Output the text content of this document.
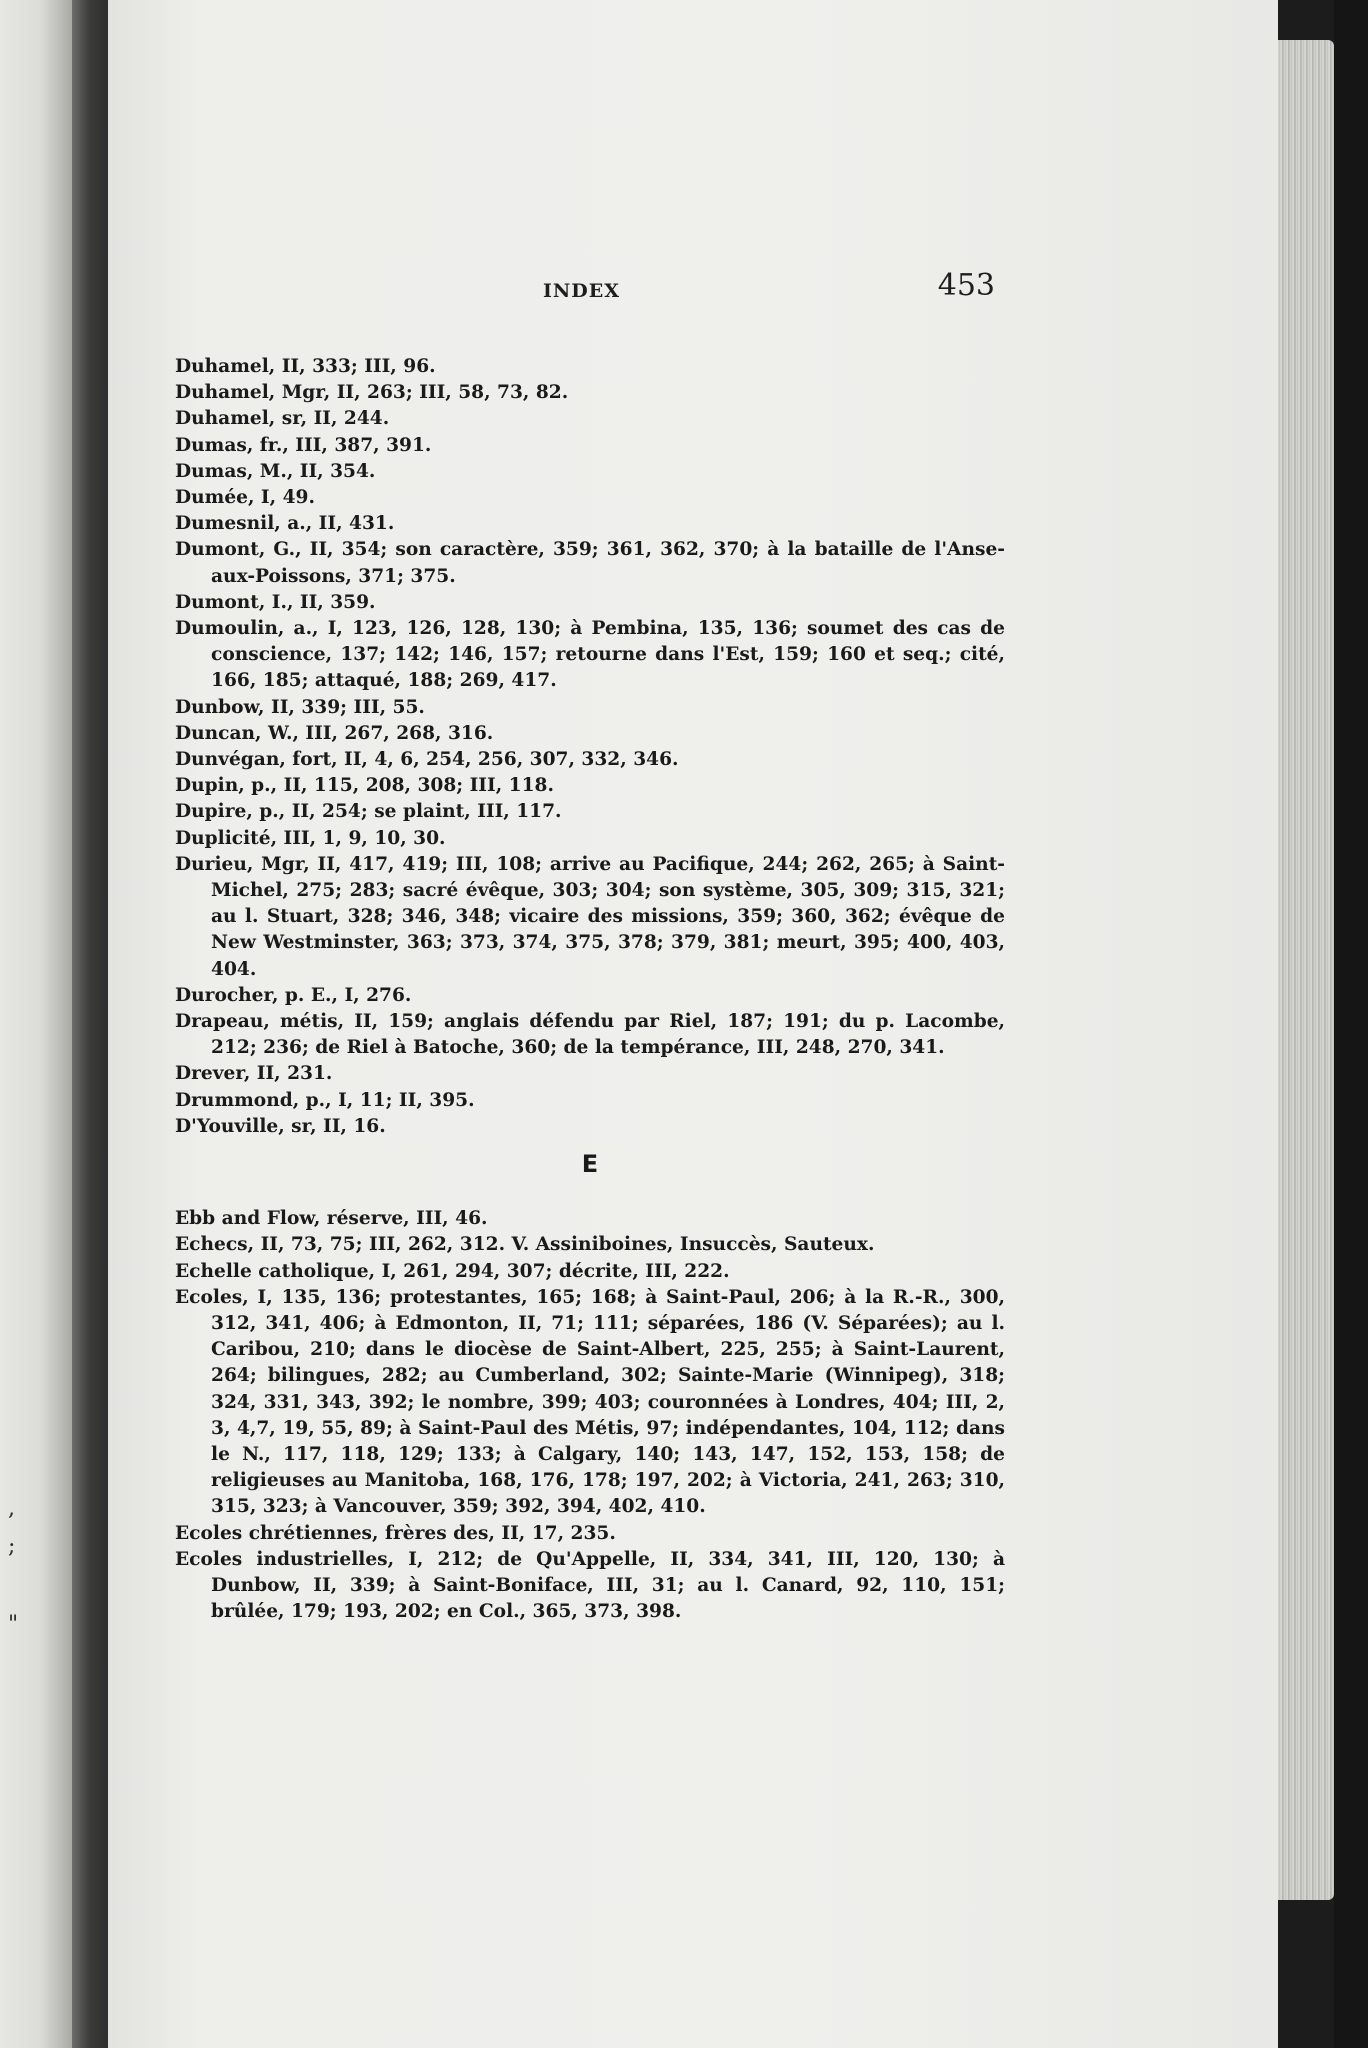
,
;
"
INDEX	453

Duhamel, II, 333; III, 96.

Duhamel, Mgr, II, 263; III, 58, 73, 82.

Duhamel, sr, II, 244.

Dumas, fr., III, 387, 391.

Dumas, M., II, 354.

Dumée, I, 49.

Dumesnil, a., II, 431.

Dumont, G., II, 354; son caractère, 359; 361, 362, 370; à la bataille de l'Anse-aux-Poissons, 371; 375.

Dumont, I., II, 359.

Dumoulin, a., I, 123, 126, 128, 130; à Pembina, 135, 136; soumet des cas de conscience, 137; 142; 146, 157; retourne dans l'Est, 159; 160 et seq.; cité, 166, 185; attaqué, 188; 269, 417.

Dunbow, II, 339; III, 55.

Duncan, W., III, 267, 268, 316.

Dunvégan, fort, II, 4, 6, 254, 256, 307, 332, 346.

Dupin, p., II, 115, 208, 308; III, 118.

Dupire, p., II, 254; se plaint, III, 117.

Duplicité, III, 1, 9, 10, 30.

Durieu, Mgr, II, 417, 419; III, 108; arrive au Pacifique, 244; 262, 265; à Saint-Michel, 275; 283; sacré évêque, 303; 304; son système, 305, 309; 315, 321; au l. Stuart, 328; 346, 348; vicaire des missions, 359; 360, 362; évêque de New Westminster, 363; 373, 374, 375, 378; 379, 381; meurt, 395; 400, 403, 404.

Durocher, p. E., I, 276.

Drapeau, métis, II, 159; anglais défendu par Riel, 187; 191; du p. Lacombe, 212; 236; de Riel à Batoche, 360; de la tempérance, III, 248, 270, 341.

Drever, II, 231.

Drummond, p., I, 11; II, 395.

D'Youville, sr, II, 16.

E

Ebb and Flow, réserve, III, 46.

Echecs, II, 73, 75; III, 262, 312. V. Assiniboines, Insuccès, Sauteux.

Echelle catholique, I, 261, 294, 307; décrite, III, 222.

Ecoles, I, 135, 136; protestantes, 165; 168; à Saint-Paul, 206; à la R.-R., 300, 312, 341, 406; à Edmonton, II, 71; 111; séparées, 186 (V. Séparées); au l. Caribou, 210; dans le diocèse de Saint-Albert, 225, 255; à Saint-Laurent, 264; bilingues, 282; au Cumberland, 302; Sainte-Marie (Winnipeg), 318; 324, 331, 343, 392; le nombre, 399; 403; couronnées à Londres, 404; III, 2, 3, 4,7, 19, 55, 89; à Saint-Paul des Métis, 97; indépendantes, 104, 112; dans le N., 117, 118, 129; 133; à Calgary, 140; 143, 147, 152, 153, 158; de religieuses au Manitoba, 168, 176, 178; 197, 202; à Victoria, 241, 263; 310, 315, 323; à Vancouver, 359; 392, 394, 402, 410.

Ecoles chrétiennes, frères des, II, 17, 235.

Ecoles industrielles, I, 212; de Qu'Appelle, II, 334, 341, III, 120, 130; à Dunbow, II, 339; à Saint-Boniface, III, 31; au l. Canard, 92, 110, 151; brûlée, 179; 193, 202; en Col., 365, 373, 398.
